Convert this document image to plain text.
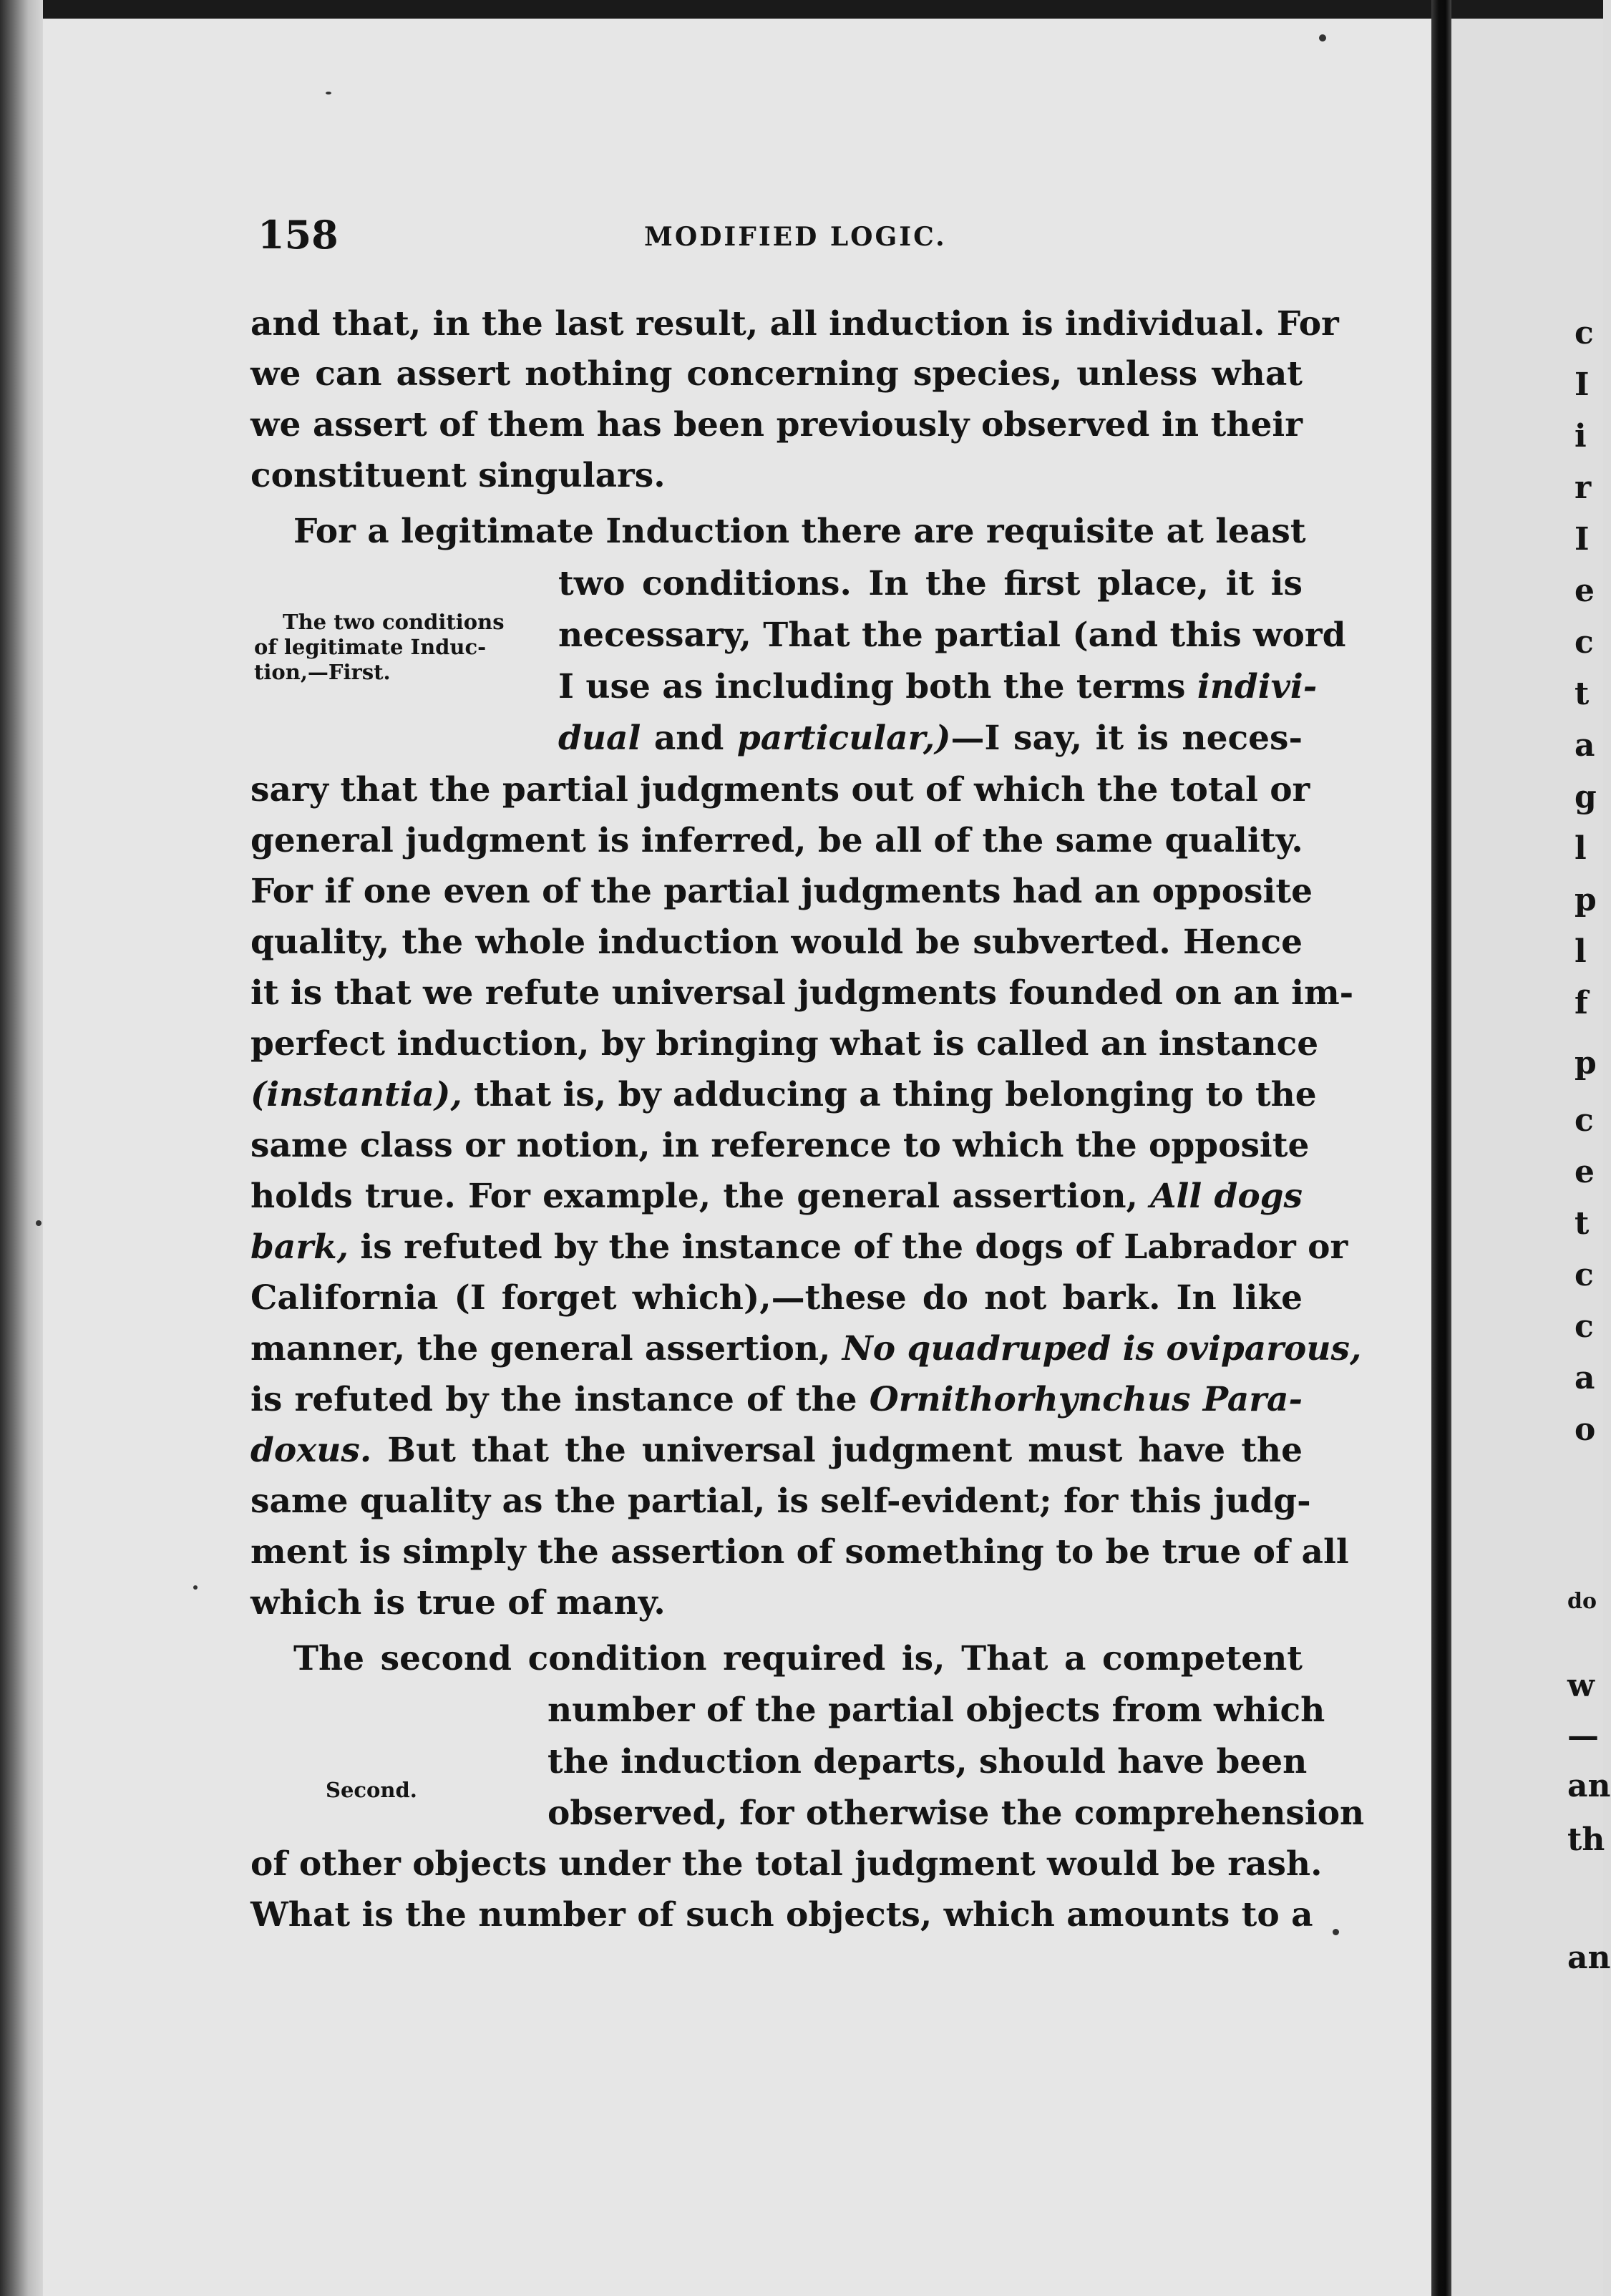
158	MODIFIED LOGIC.
and that, in the last result, all induction is individual. For
we can assert nothing concerning species, unless what
we assert of them has been previously observed in their
constituent singulars.
For a legitimate Induction there are requisite at least
two conditions. In the first place, it is
necessary, That the partial (and this word
I use as including both the terms indivi-
dual and particular,)—I say, it is neces-
sary that the partial judgments out of which the total or
general judgment is inferred, be all of the same quality.
For if one even of the partial judgments had an opposite
quality, the whole induction would be subverted. Hence
it is that we refute universal judgments founded on an im-
perfect induction, by bringing what is called an instance
(instantia), that is, by adducing a thing belonging to the
same class or notion, in reference to which the opposite
holds true. For example, the general assertion, All dogs
bark, is refuted by the instance of the dogs of Labrador or
California (I forget which),—these do not bark. In like
manner, the general assertion, No quadruped is oviparous,
is refuted by the instance of the Ornithorhynchus Para-
doxus. But that the universal judgment must have the
same quality as the partial, is self-evident; for this judg-
ment is simply the assertion of something to be true of all
which is true of many.
The second condition required is, That a competent
number of the partial objects from which
the induction departs, should have been
observed, for otherwise the comprehension
of other objects under the total judgment would be rash.
What is the number of such objects, which amounts to a
The two conditions
of legitimate Induc-
tion,—First.
Second.
c
I
i
r
I
e
c
t
a
g
l
p
l
f
p
c
e
t
c
c
a
o
do
w
—
an
th
an
